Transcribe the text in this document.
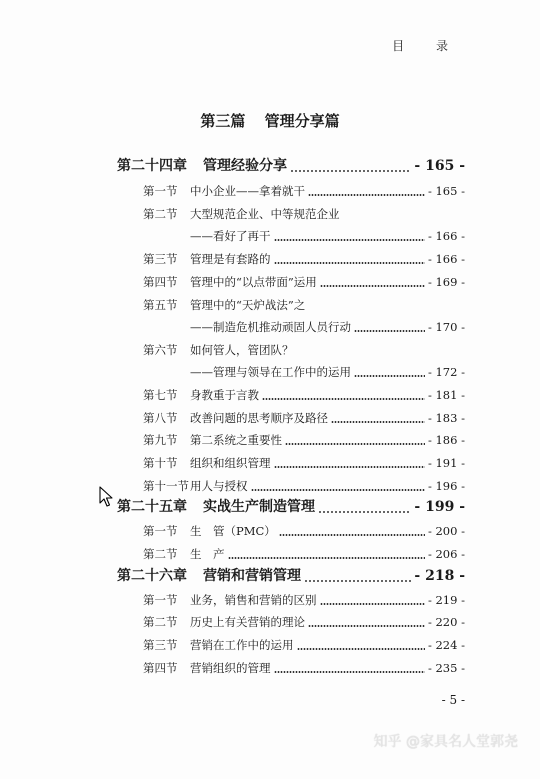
目 录
第三篇 管理分享篇
第二十四章 管理经验分享	- 165 -
第一节 中小企业——拿着就干	- 165 -
第二节 大型规范企业、中等规范企业
——看好了再干	- 166 -
第三节 管理是有套路的	- 166 -
第四节 管理中的“以点带面”运用	- 169 -
第五节 管理中的“天炉战法”之
——制造危机推动顽固人员行动	- 170 -
第六节 如何管人，管团队？
——管理与领导在工作中的运用	- 172 -
第七节 身教重于言教	- 181 -
第八节 改善问题的思考顺序及路径	- 183 -
第九节 第二系统之重要性	- 186 -
第十节 组织和组织管理	- 191 -
第十一节 用人与授权	- 196 -
第二十五章 实战生产制造管理	- 199 -
第一节 生　管（PMC）	- 200 -
第二节 生　产	- 206 -
第二十六章 营销和营销管理	- 218 -
第一节 业务，销售和营销的区别	- 219 -
第二节 历史上有关营销的理论	- 220 -
第三节 营销在工作中的运用	- 224 -
第四节 营销组织的管理	- 235 -
- 5 -
知乎 @家具名人堂郭尧
